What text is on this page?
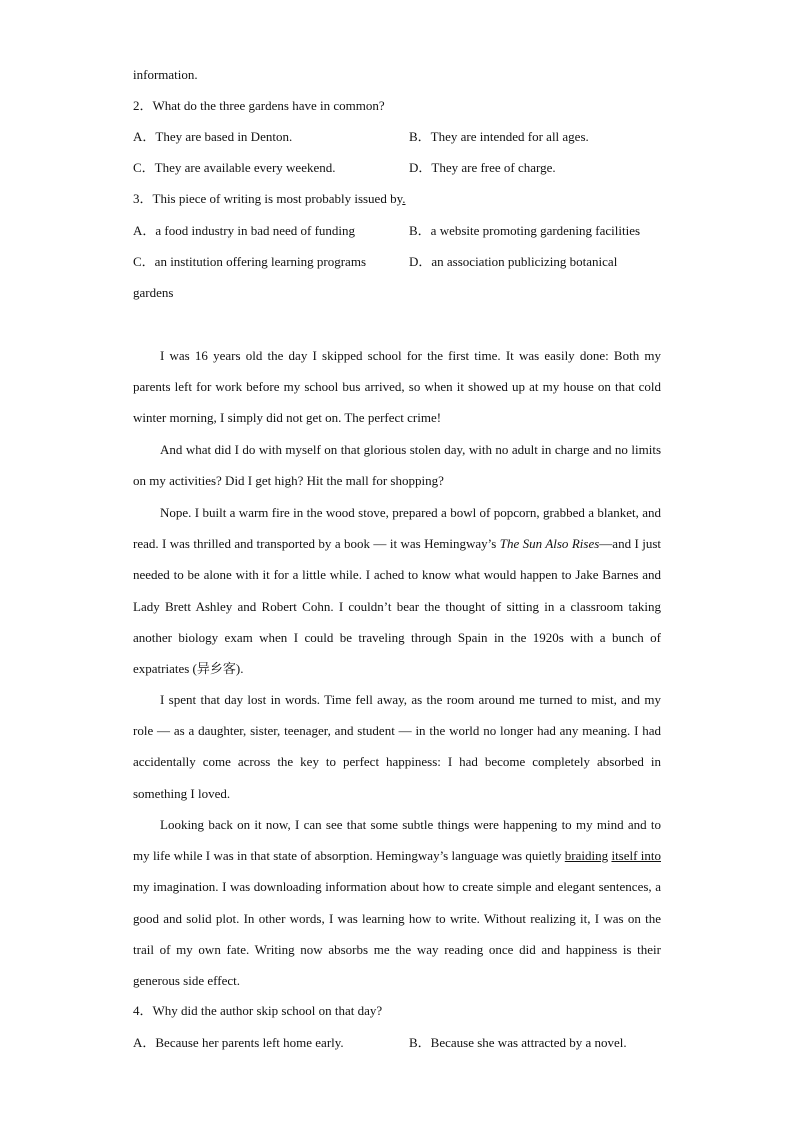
information.
2．What do the three gardens have in common?
A．They are based in Denton.	B．They are intended for all ages.
C．They are available every weekend.	D．They are free of charge.
3．This piece of writing is most probably issued by.
A．a food industry in bad need of funding	B．a website promoting gardening facilities
C．an institution offering learning programs	D．an association publicizing botanical
gardens
I was 16 years old the day I skipped school for the first time. It was easily done: Both my parents left for work before my school bus arrived, so when it showed up at my house on that cold winter morning, I simply did not get on. The perfect crime!
And what did I do with myself on that glorious stolen day, with no adult in charge and no limits on my activities? Did I get high? Hit the mall for shopping?
Nope. I built a warm fire in the wood stove, prepared a bowl of popcorn, grabbed a blanket, and read. I was thrilled and transported by a book — it was Hemingway’s The Sun Also Rises—and I just needed to be alone with it for a little while. I ached to know what would happen to Jake Barnes and Lady Brett Ashley and Robert Cohn. I couldn’t bear the thought of sitting in a classroom taking another biology exam when I could be traveling through Spain in the 1920s with a bunch of expatriates (异乡客).
I spent that day lost in words. Time fell away, as the room around me turned to mist, and my role — as a daughter, sister, teenager, and student — in the world no longer had any meaning. I had accidentally come across the key to perfect happiness: I had become completely absorbed in something I loved.
Looking back on it now, I can see that some subtle things were happening to my mind and to my life while I was in that state of absorption. Hemingway’s language was quietly braiding itself into my imagination. I was downloading information about how to create simple and elegant sentences, a good and solid plot. In other words, I was learning how to write. Without realizing it, I was on the trail of my own fate. Writing now absorbs me the way reading once did and happiness is their generous side effect.
4．Why did the author skip school on that day?
A．Because her parents left home early.	B．Because she was attracted by a novel.
